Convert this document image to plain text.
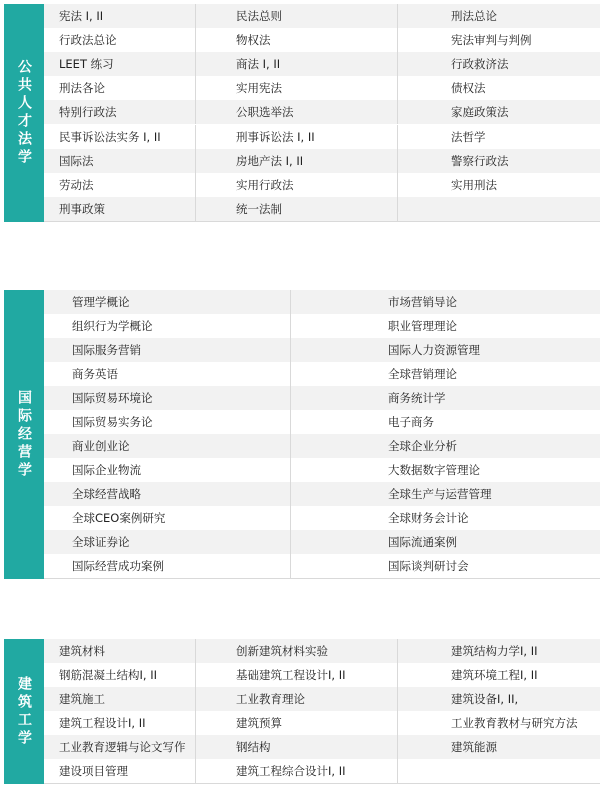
公共人才法学
宪法 I, II	民法总则	刑法总论
行政法总论	物权法	宪法审判与判例
LEET 练习	商法 I, II	行政救济法
刑法各论	实用宪法	债权法
特别行政法	公职选举法	家庭政策法
民事诉讼法实务 I, II	刑事诉讼法 I, II	法哲学
国际法	房地产法 I, II	警察行政法
劳动法	实用行政法	实用刑法
刑事政策	统一法制
国际经营学
管理学概论	市场营销导论
组织行为学概论	职业管理理论
国际服务营销	国际人力资源管理
商务英语	全球营销理论
国际贸易环境论	商务统计学
国际贸易实务论	电子商务
商业创业论	全球企业分析
国际企业物流	大数据数字管理论
全球经营战略	全球生产与运营管理
全球CEO案例研究	全球财务会计论
全球证券论	国际流通案例
国际经营成功案例	国际谈判研讨会
建筑工学
建筑材料	创新建筑材料实验	建筑结构力学I, II
钢筋混凝土结构I, II	基础建筑工程设计I, II	建筑环境工程I, II
建筑施工	工业教育理论	建筑设备I, II,
建筑工程设计I, II	建筑预算	工业教育教材与研究方法
工业教育逻辑与论文写作	钢结构	建筑能源
建设项目管理	建筑工程综合设计I, II
